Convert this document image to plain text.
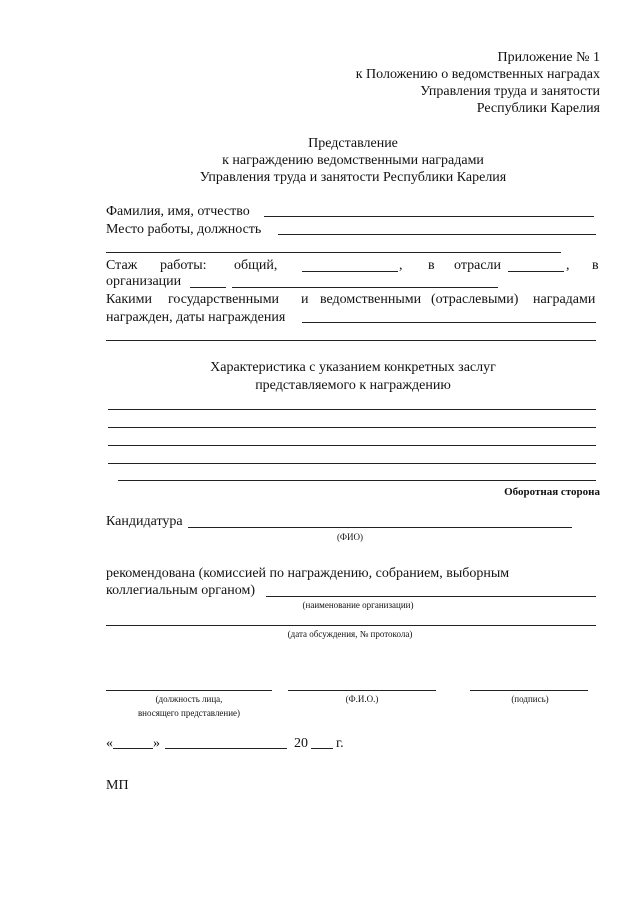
Приложение № 1
к Положению о ведомственных наградах
Управления труда и занятости
Республики Карелия
Представление
к награждению ведомственными наградами
Управления труда и занятости Республики Карелия
Фамилия, имя, отчество
Место работы, должность
Стаж работы: общий,	, в отрасли	, в
организации
Какими государственными и ведомственными (отраслевыми) наградами
награжден, даты награждения
Характеристика с указанием конкретных заслуг
представляемого к награждению
Оборотная сторона
Кандидатура
(ФИО)
рекомендована (комиссией по награждению, собранием, выборным
коллегиальным органом)
(наименование организации)
(дата обсуждения, № протокола)
(должность лица,
вносящего представление)
(Ф.И.О.)	(подпись)
«	»	20 г.
МП
